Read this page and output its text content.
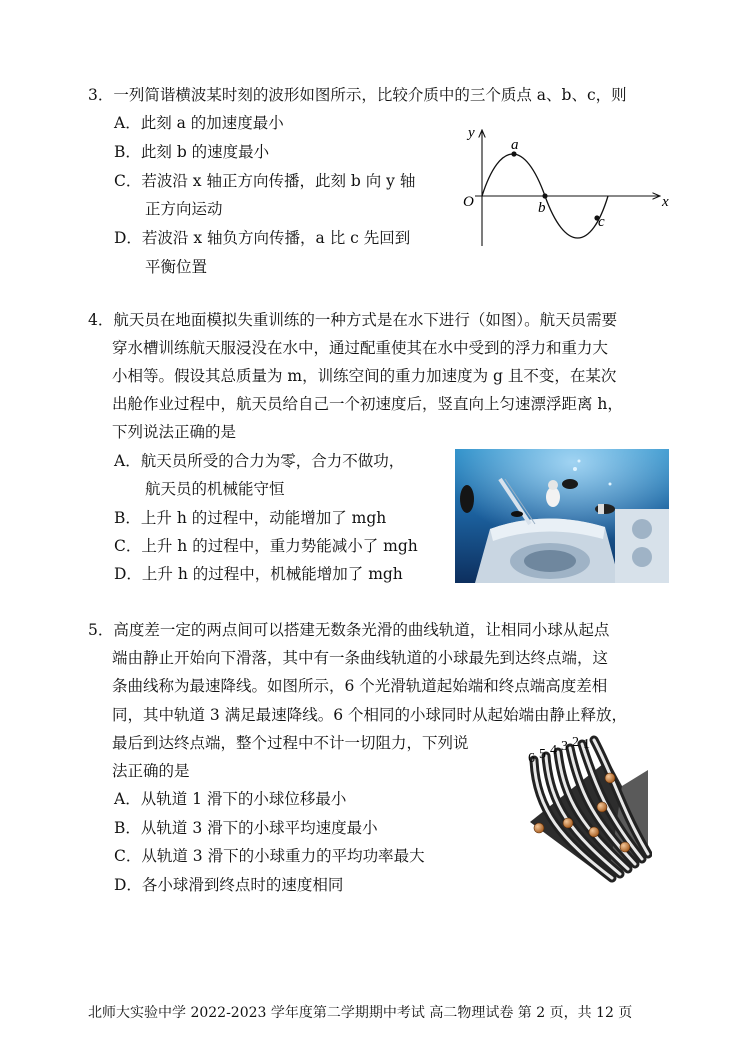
3．一列简谐横波某时刻的波形如图所示，比较介质中的三个质点 a、b、c，则
A．此刻 a 的加速度最小
B．此刻 b 的速度最小
C．若波沿 x 轴正方向传播，此刻 b 向 y 轴
正方向运动
D．若波沿 x 轴负方向传播，a 比 c 先回到
平衡位置
y
x
O
a
b
c
4．航天员在地面模拟失重训练的一种方式是在水下进行（如图）。航天员需要
穿水槽训练航天服浸没在水中，通过配重使其在水中受到的浮力和重力大
小相等。假设其总质量为 m，训练空间的重力加速度为 g 且不变，在某次
出舱作业过程中，航天员给自己一个初速度后，竖直向上匀速漂浮距离 h，
下列说法正确的是
A．航天员所受的合力为零，合力不做功，
航天员的机械能守恒
B．上升 h 的过程中，动能增加了 mgh
C．上升 h 的过程中，重力势能减小了 mgh
D．上升 h 的过程中，机械能增加了 mgh
5．高度差一定的两点间可以搭建无数条光滑的曲线轨道，让相同小球从起点
端由静止开始向下滑落，其中有一条曲线轨道的小球最先到达终点端，这
条曲线称为最速降线。如图所示，6 个光滑轨道起始端和终点端高度差相
同，其中轨道 3 满足最速降线。6 个相同的小球同时从起始端由静止释放，
最后到达终点端，整个过程中不计一切阻力，下列说
法正确的是
A．从轨道 1 滑下的小球位移最小
B．从轨道 3 滑下的小球平均速度最小
C．从轨道 3 滑下的小球重力的平均功率最大
D．各小球滑到终点时的速度相同
6 5 4 3 2 1
北师大实验中学 2022-2023 学年度第二学期期中考试 高二物理试卷 第 2 页，共 12 页
